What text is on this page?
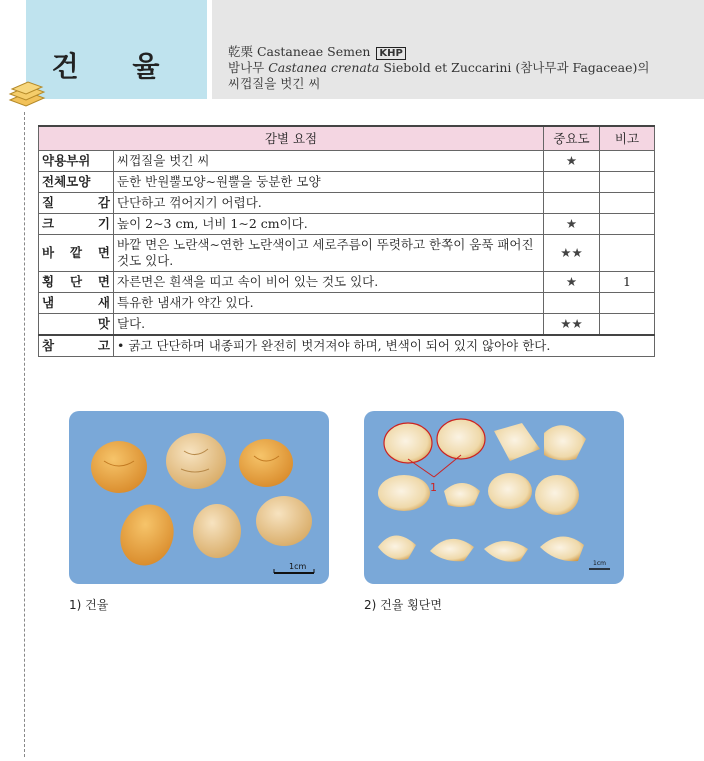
건 율	乾栗 Castaneae Semen KHP
밤나무 Castanea crenata Siebold et Zuccarini (참나무과 Fagaceae)의
씨껍질을 벗긴 씨
감별 요점		중요도	비고
약용부위	씨껍질을 벗긴 씨	★	
전체모양	둔한 반원뿔모양∼원뿔을 둥분한 모양		
질 감	단단하고 꺾어지기 어렵다.		
크 기	높이 2∼3 cm, 너비 1∼2 cm이다.	★	
바 깥 면	바깥 면은 노란색∼연한 노란색이고 세로주름이 뚜렷하고 한쪽이 움푹 패어진 것도 있다.	★★	
횡 단 면	자른면은 흰색을 띠고 속이 비어 있는 것도 있다.	★	1
냄 새	특유한 냄새가 약간 있다.		
맛	달다.	★★	
참 고	• 굵고 단단하며 내종피가 완전히 벗겨져야 하며, 변색이 되어 있지 않아야 한다.		
1cm
1
1cm
1) 건율	2) 건율 횡단면
